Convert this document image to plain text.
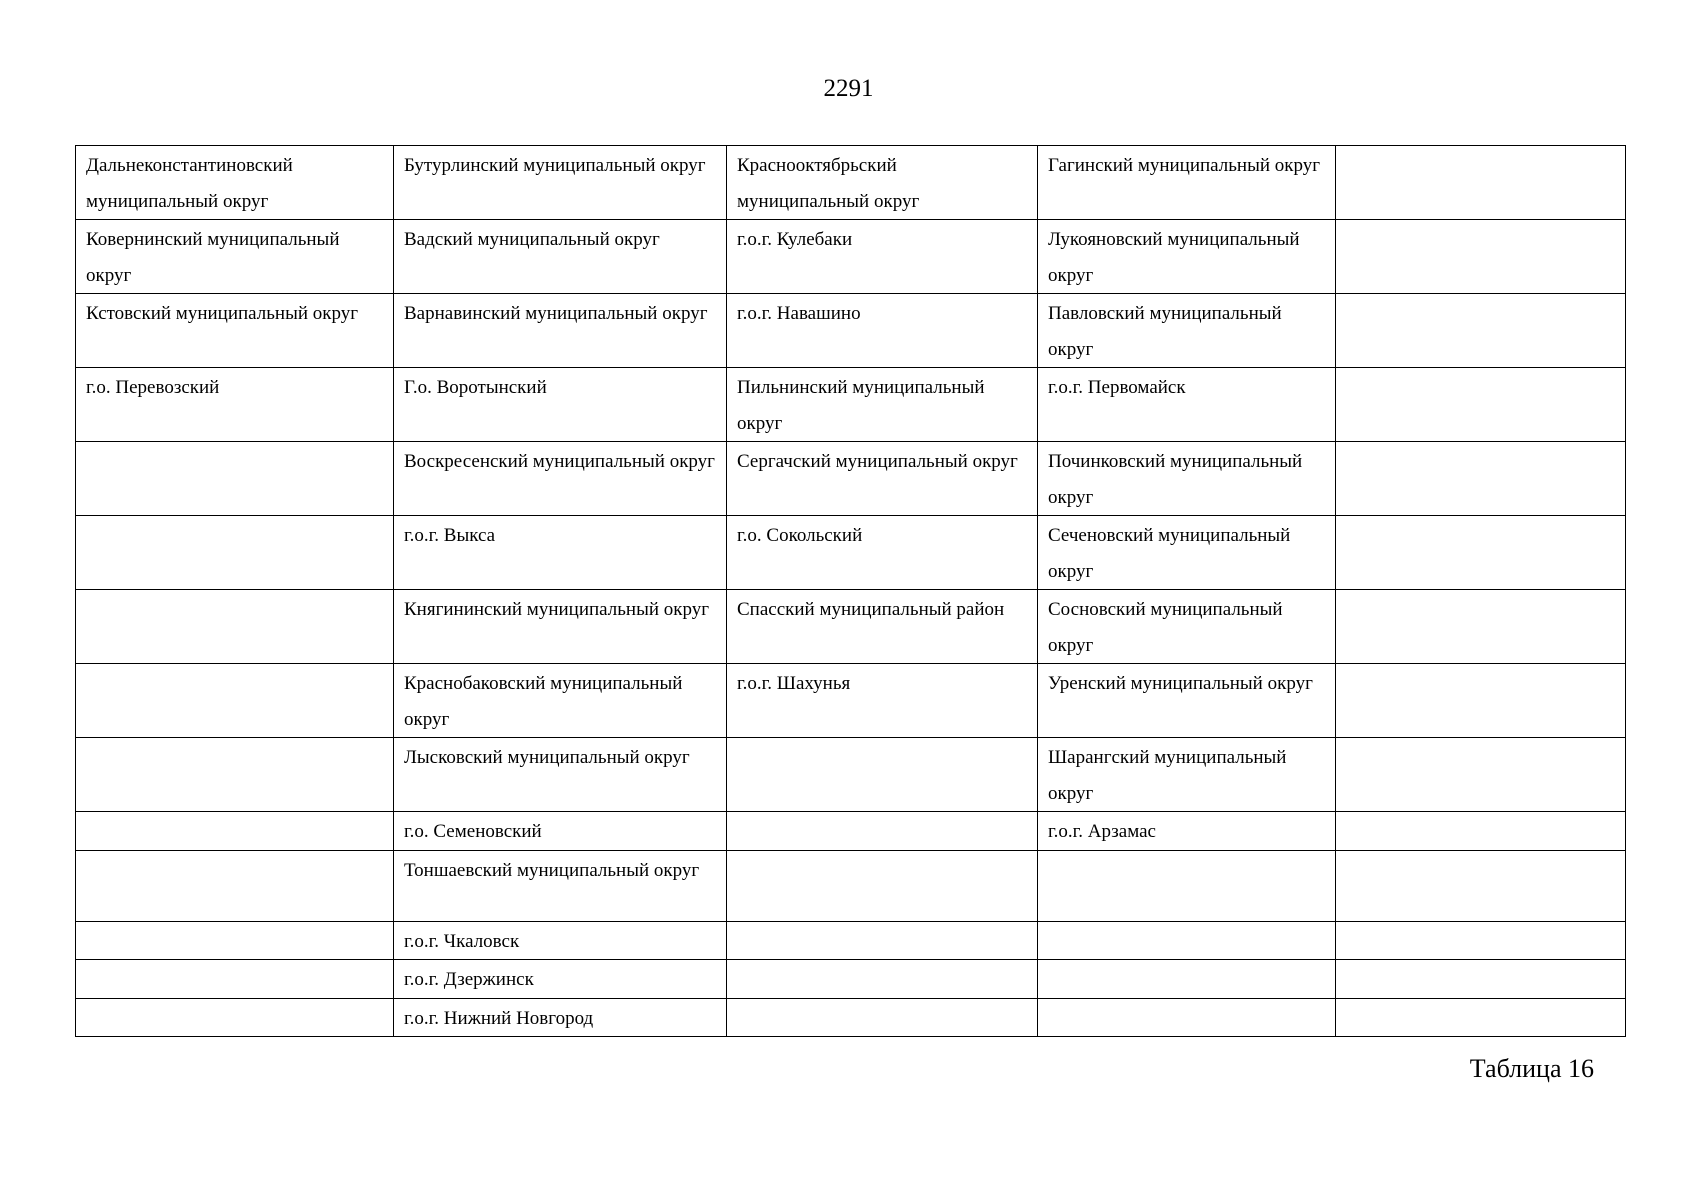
2291
Дальнеконстантиновский муниципальный округ	Бутурлинский муниципальный округ	Краснооктябрьский муниципальный округ	Гагинский муниципальный округ	
Ковернинский муниципальный округ	Вадский муниципальный округ	г.о.г. Кулебаки	Лукояновский муниципальный округ	
Кстовский муниципальный округ	Варнавинский муниципальный округ	г.о.г. Навашино	Павловский муниципальный округ	
г.о. Перевозский	Г.о. Воротынский	Пильнинский муниципальный округ	г.о.г. Первомайск	
	Воскресенский муниципальный округ	Сергачский муниципальный округ	Починковский муниципальный округ	
	г.о.г. Выкса	г.о. Сокольский	Сеченовский муниципальный округ	
	Княгининский муниципальный округ	Спасский муниципальный район	Сосновский муниципальный округ	
	Краснобаковский муниципальный округ	г.о.г. Шахунья	Уренский муниципальный округ	
	Лысковский муниципальный округ		Шарангский муниципальный округ	
	г.о. Семеновский		г.о.г. Арзамас	
	Тоншаевский муниципальный округ			
	г.о.г. Чкаловск			
	г.о.г. Дзержинск			
	г.о.г. Нижний Новгород			
Таблица 16
